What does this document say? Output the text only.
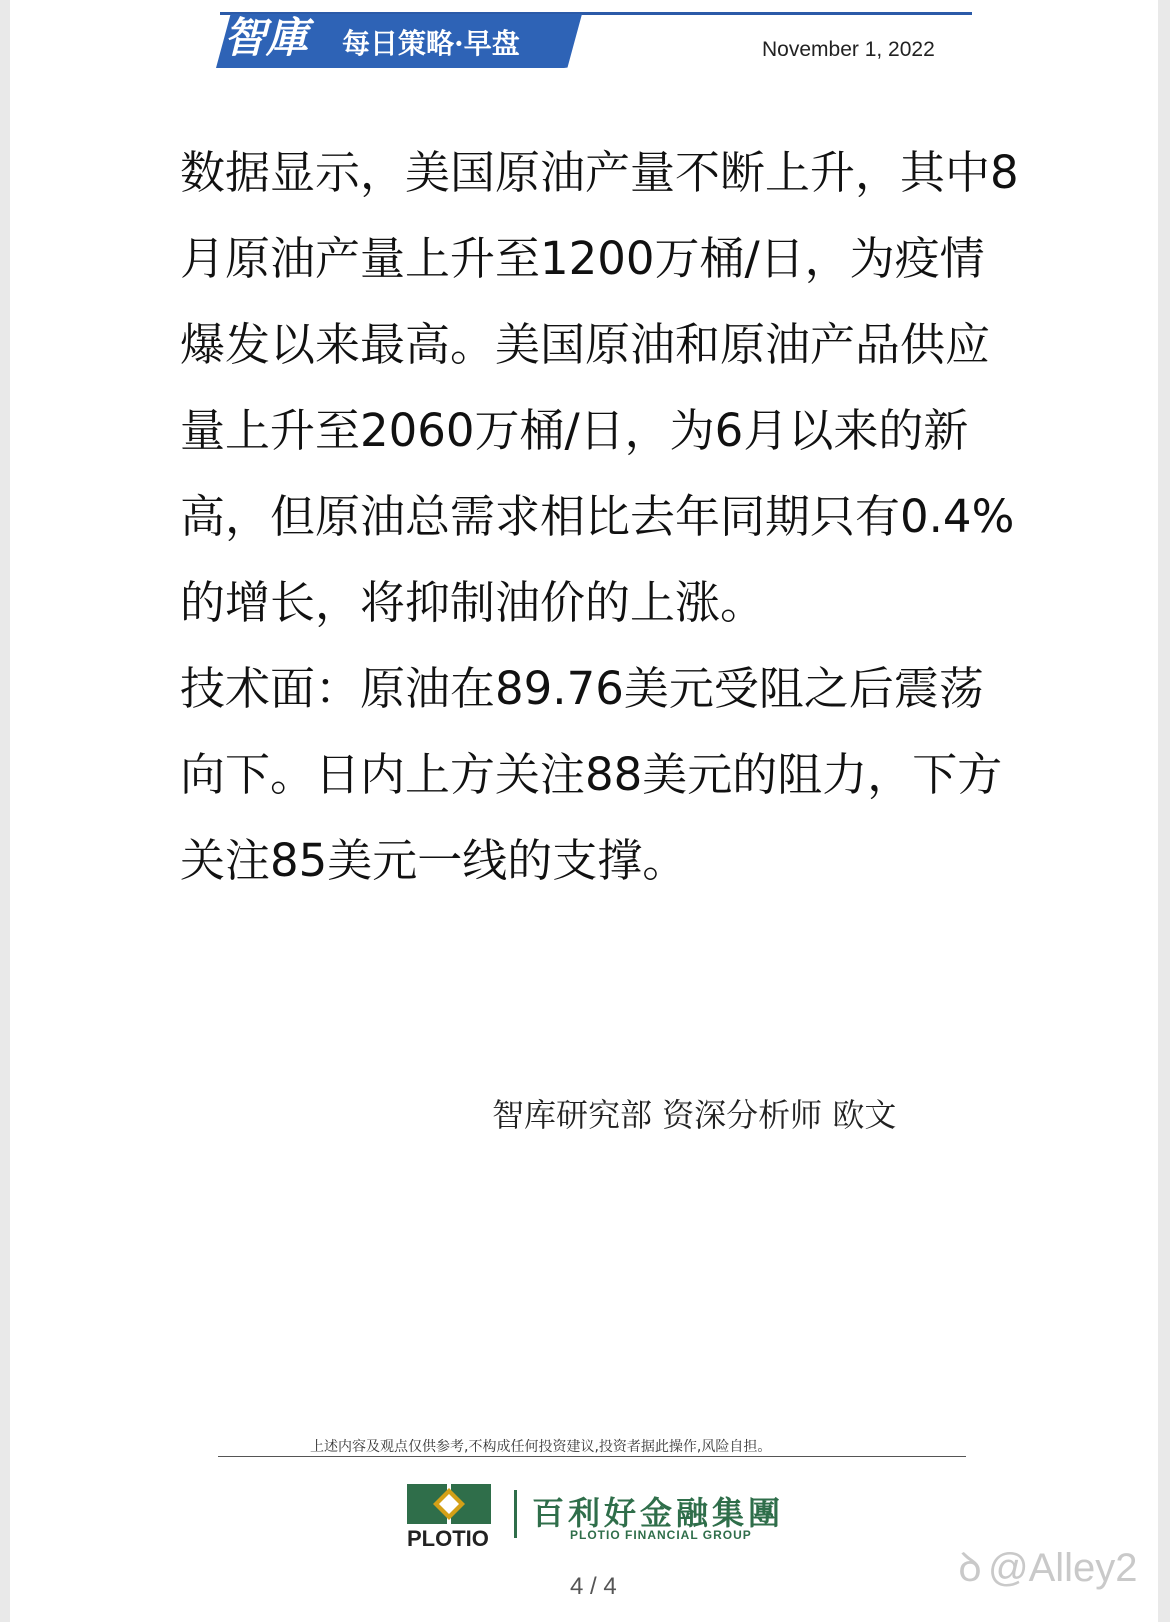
智庫 每日策略·早盘	November 1, 2022

数据显示，美国原油产量不断上升，其中8月原油产量上升至1200万桶/日，为疫情爆发以来最高。美国原油和原油产品供应量上升至2060万桶/日，为6月以来的新高，但原油总需求相比去年同期只有0.4%的增长，将抑制油价的上涨。

技术面：原油在89.76美元受阻之后震荡向下。日内上方关注88美元的阻力，下方关注85美元一线的支撑。

智库研究部 资深分析师 欧文
上述内容及观点仅供参考,不构成任何投资建议,投资者据此操作,风险自担。
PLOTIO
百利好金融集團
PLOTIO FINANCIAL GROUP
4 / 4	ꝺ @Alley2
